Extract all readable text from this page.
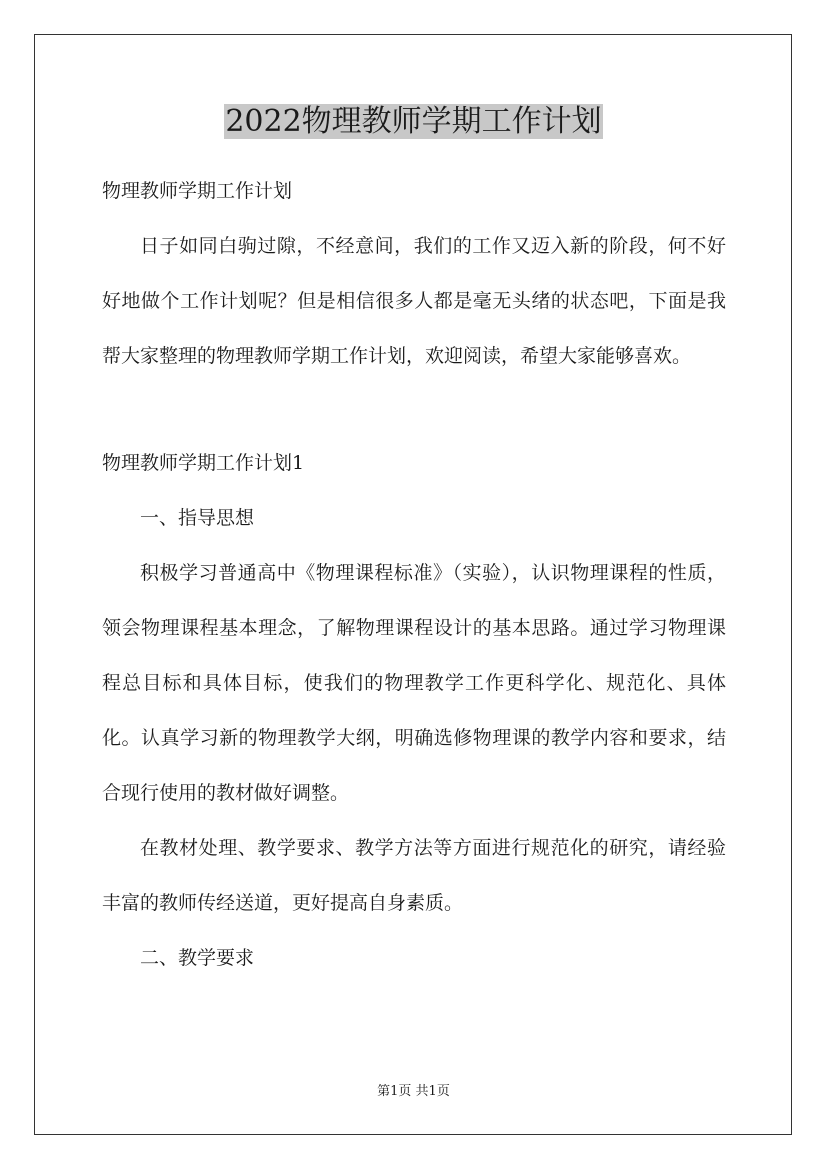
2022物理教师学期工作计划

物理教师学期工作计划

日子如同白驹过隙，不经意间，我们的工作又迈入新的阶段，何不好好地做个工作计划呢？但是相信很多人都是毫无头绪的状态吧，下面是我帮大家整理的物理教师学期工作计划，欢迎阅读，希望大家能够喜欢。

物理教师学期工作计划1

一、指导思想

积极学习普通高中《物理课程标准》（实验），认识物理课程的性质，领会物理课程基本理念，了解物理课程设计的基本思路。通过学习物理课程总目标和具体目标，使我们的物理教学工作更科学化、规范化、具体化。认真学习新的物理教学大纲，明确选修物理课的教学内容和要求，结合现行使用的教材做好调整。

在教材处理、教学要求、教学方法等方面进行规范化的研究，请经验丰富的教师传经送道，更好提高自身素质。

二、教学要求

第1页 共1页
